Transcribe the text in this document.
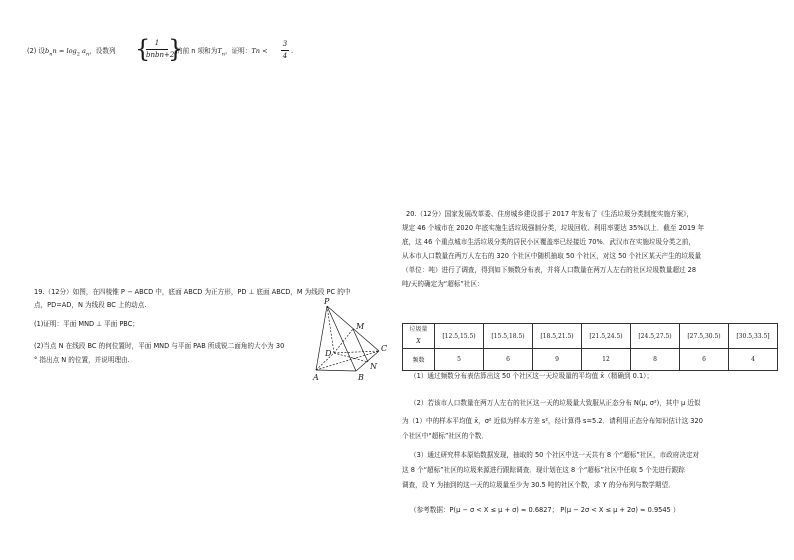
(2) 设$b_nn = \log_2 a_n$，设数列 { 1
bnbn+2
}
的前 n 项和为$T_n$，证明：Tn <
3
4
.
19.（12分）如图，在四棱锥 P − ABCD 中，底面 ABCD 为正方形，PD ⊥ 底面 ABCD，M 为线段 PC 的中
点，PD=AD，N 为线段 BC 上的动点.
(1)证明：平面 MND ⊥ 平面 PBC；
(2)当点 N 在线段 BC 的何位置时，平面 MND 与平面 PAB 所成锐二面角的大小为 30
° 指出点 N 的位置，并说明理由.
P
M
D
C
A	B
N
20.（12分）国家发展改革委、住房城乡建设部于 2017 年发布了《生活垃圾分类制度实施方案》，
规定 46 个城市在 2020 年底实施生活垃圾强制分类，垃圾回收、利用率要达 35%以上．截至 2019 年
底，这 46 个重点城市生活垃圾分类的居民小区覆盖率已经接近 70%．武汉市在实施垃圾分类之前，
从本市人口数量在两万人左右的 320 个社区中随机抽取 50 个社区，对这 50 个社区某天产生的垃圾量
（单位：吨）进行了调查，得到如下频数分布表，并将人口数量在两万人左右的社区垃圾数量超过 28
吨/天的确定为“超标”社区：
垃圾量
X	[12.5,15.5)	[15.5,18.5)	[18.5,21.5)	[21.5,24.5)	[24.5,27.5)	[27.5,30.5)	[30.5,33.5]
频数	5	6	9	12	8	6	4
（1）通过频数分布表估算出这 50 个社区这一天垃圾量的平均值 x̄（精确到 0.1）；
（2）若该市人口数量在两万人左右的社区这一天的垃圾量大致服从正态分布 N(μ, σ²)，其中 μ 近似
为（1）中的样本平均值 x̄，σ² 近似为样本方差 s²，经计算得 s=5.2．请利用正态分布知识估计这 320
个社区中“超标”社区的个数．
（3）通过研究样本原始数据发现，抽取的 50 个社区中这一天共有 8 个“超标”社区，市政府决定对
这 8 个“超标”社区的垃圾来源进行跟踪调查．现计划在这 8 个“超标”社区中任取 5 个先进行跟踪
调查，设 Y 为抽到的这一天的垃圾量至少为 30.5 吨的社区个数，求 Y 的分布列与数学期望．
（参考数据：P(μ − σ < X ≤ μ + σ) ≈ 0.6827； P(μ − 2σ < X ≤ μ + 2σ) ≈ 0.9545 ）
